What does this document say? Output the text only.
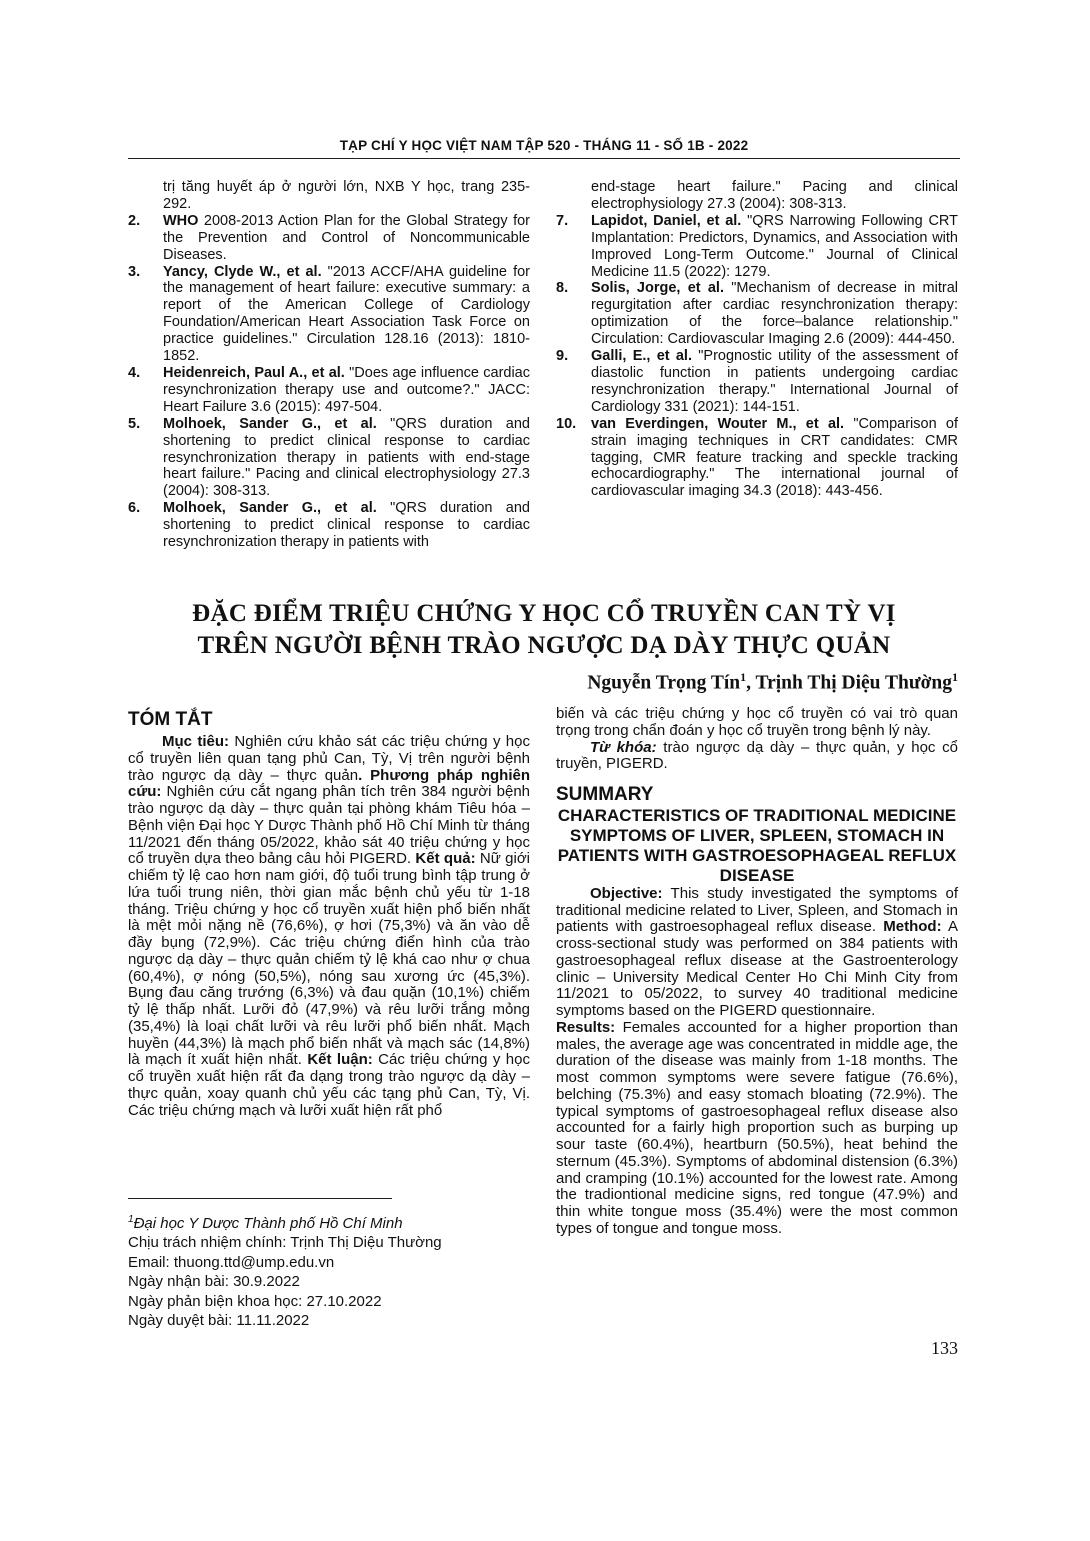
TẠP CHÍ Y HỌC VIỆT NAM TẬP 520 - THÁNG 11 - SỐ 1B - 2022
trị tăng huyết áp ở người lớn, NXB Y học, trang 235- 292.
2.	WHO 2008-2013 Action Plan for the Global Strategy for the Prevention and Control of Noncommunicable Diseases.
3.	Yancy, Clyde W., et al. "2013 ACCF/AHA guideline for the management of heart failure: executive summary: a report of the American College of Cardiology Foundation/American Heart Association Task Force on practice guidelines." Circulation 128.16 (2013): 1810-1852.
4.	Heidenreich, Paul A., et al. "Does age influence cardiac resynchronization therapy use and outcome?." JACC: Heart Failure 3.6 (2015): 497-504.
5.	Molhoek, Sander G., et al. "QRS duration and shortening to predict clinical response to cardiac resynchronization therapy in patients with end-stage heart failure." Pacing and clinical electrophysiology 27.3 (2004): 308-313.
6.	Molhoek, Sander G., et al. "QRS duration and shortening to predict clinical response to cardiac resynchronization therapy in patients with
end-stage heart failure." Pacing and clinical electrophysiology 27.3 (2004): 308-313.
7.	Lapidot, Daniel, et al. "QRS Narrowing Following CRT Implantation: Predictors, Dynamics, and Association with Improved Long-Term Outcome." Journal of Clinical Medicine 11.5 (2022): 1279.
8.	Solis, Jorge, et al. "Mechanism of decrease in mitral regurgitation after cardiac resynchronization therapy: optimization of the force–balance relationship." Circulation: Cardiovascular Imaging 2.6 (2009): 444-450.
9.	Galli, E., et al. "Prognostic utility of the assessment of diastolic function in patients undergoing cardiac resynchronization therapy." International Journal of Cardiology 331 (2021): 144-151.
10.	van Everdingen, Wouter M., et al. "Comparison of strain imaging techniques in CRT candidates: CMR tagging, CMR feature tracking and speckle tracking echocardiography." The international journal of cardiovascular imaging 34.3 (2018): 443-456.
ĐẶC ĐIỂM TRIỆU CHỨNG Y HỌC CỔ TRUYỀN CAN TỲ VỊ
TRÊN NGƯỜI BỆNH TRÀO NGƯỢC DẠ DÀY THỰC QUẢN
Nguyễn Trọng Tín$^1$, Trịnh Thị Diệu Thường$^1$
TÓM TẮT

Mục tiêu: Nghiên cứu khảo sát các triệu chứng y học cổ truyền liên quan tạng phủ Can, Tỳ, Vị trên người bệnh trào ngược dạ dày – thực quản. Phương pháp nghiên cứu: Nghiên cứu cắt ngang phân tích trên 384 người bệnh trào ngược dạ dày – thực quản tại phòng khám Tiêu hóa – Bệnh viện Đại học Y Dược Thành phố Hồ Chí Minh từ tháng 11/2021 đến tháng 05/2022, khảo sát 40 triệu chứng y học cổ truyền dựa theo bảng câu hỏi PIGERD. Kết quả: Nữ giới chiếm tỷ lệ cao hơn nam giới, độ tuổi trung bình tập trung ở lứa tuổi trung niên, thời gian mắc bệnh chủ yếu từ 1-18 tháng. Triệu chứng y học cổ truyền xuất hiện phổ biến nhất là mệt mỏi nặng nề (76,6%), ợ hơi (75,3%) và ăn vào dễ đầy bụng (72,9%). Các triệu chứng điển hình của trào ngược dạ dày – thực quản chiếm tỷ lệ khá cao như ợ chua (60,4%), ợ nóng (50,5%), nóng sau xương ức (45,3%). Bụng đau căng trướng (6,3%) và đau quặn (10,1%) chiếm tỷ lệ thấp nhất. Lưỡi đỏ (47,9%) và rêu lưỡi trắng mỏng (35,4%) là loại chất lưỡi và rêu lưỡi phổ biến nhất. Mạch huyền (44,3%) là mạch phổ biến nhất và mạch sác (14,8%) là mạch ít xuất hiện nhất. Kết luận: Các triệu chứng y học cổ truyền xuất hiện rất đa dạng trong trào ngược dạ dày – thực quản, xoay quanh chủ yếu các tạng phủ Can, Tỳ, Vị. Các triệu chứng mạch và lưỡi xuất hiện rất phổ

biến và các triệu chứng y học cổ truyền có vai trò quan trọng trong chẩn đoán y học cổ truyền trong bệnh lý này.

Từ khóa: trào ngược dạ dày – thực quản, y học cổ truyền, PIGERD.

SUMMARY
CHARACTERISTICS OF TRADITIONAL MEDICINE SYMPTOMS OF LIVER, SPLEEN, STOMACH IN PATIENTS WITH GASTROESOPHAGEAL REFLUX DISEASE

Objective: This study investigated the symptoms of traditional medicine related to Liver, Spleen, and Stomach in patients with gastroesophageal reflux disease. Method: A cross-sectional study was performed on 384 patients with gastroesophageal reflux disease at the Gastroenterology clinic – University Medical Center Ho Chi Minh City from 11/2021 to 05/2022, to survey 40 traditional medicine symptoms based on the PIGERD questionnaire.

Results: Females accounted for a higher proportion than males, the average age was concentrated in middle age, the duration of the disease was mainly from 1-18 months. The most common symptoms were severe fatigue (76.6%), belching (75.3%) and easy stomach bloating (72.9%). The typical symptoms of gastroesophageal reflux disease also accounted for a fairly high proportion such as burping up sour taste (60.4%), heartburn (50.5%), heat behind the sternum (45.3%). Symptoms of abdominal distension (6.3%) and cramping (10.1%) accounted for the lowest rate. Among the tradiontional medicine signs, red tongue (47.9%) and thin white tongue moss (35.4%) were the most common types of tongue and tongue moss.

$^1$Đại học Y Dược Thành phố Hồ Chí Minh
Chịu trách nhiệm chính: Trịnh Thị Diệu Thường
Email: thuong.ttd@ump.edu.vn
Ngày nhận bài: 30.9.2022
Ngày phản biện khoa học: 27.10.2022
Ngày duyệt bài: 11.11.2022
133
